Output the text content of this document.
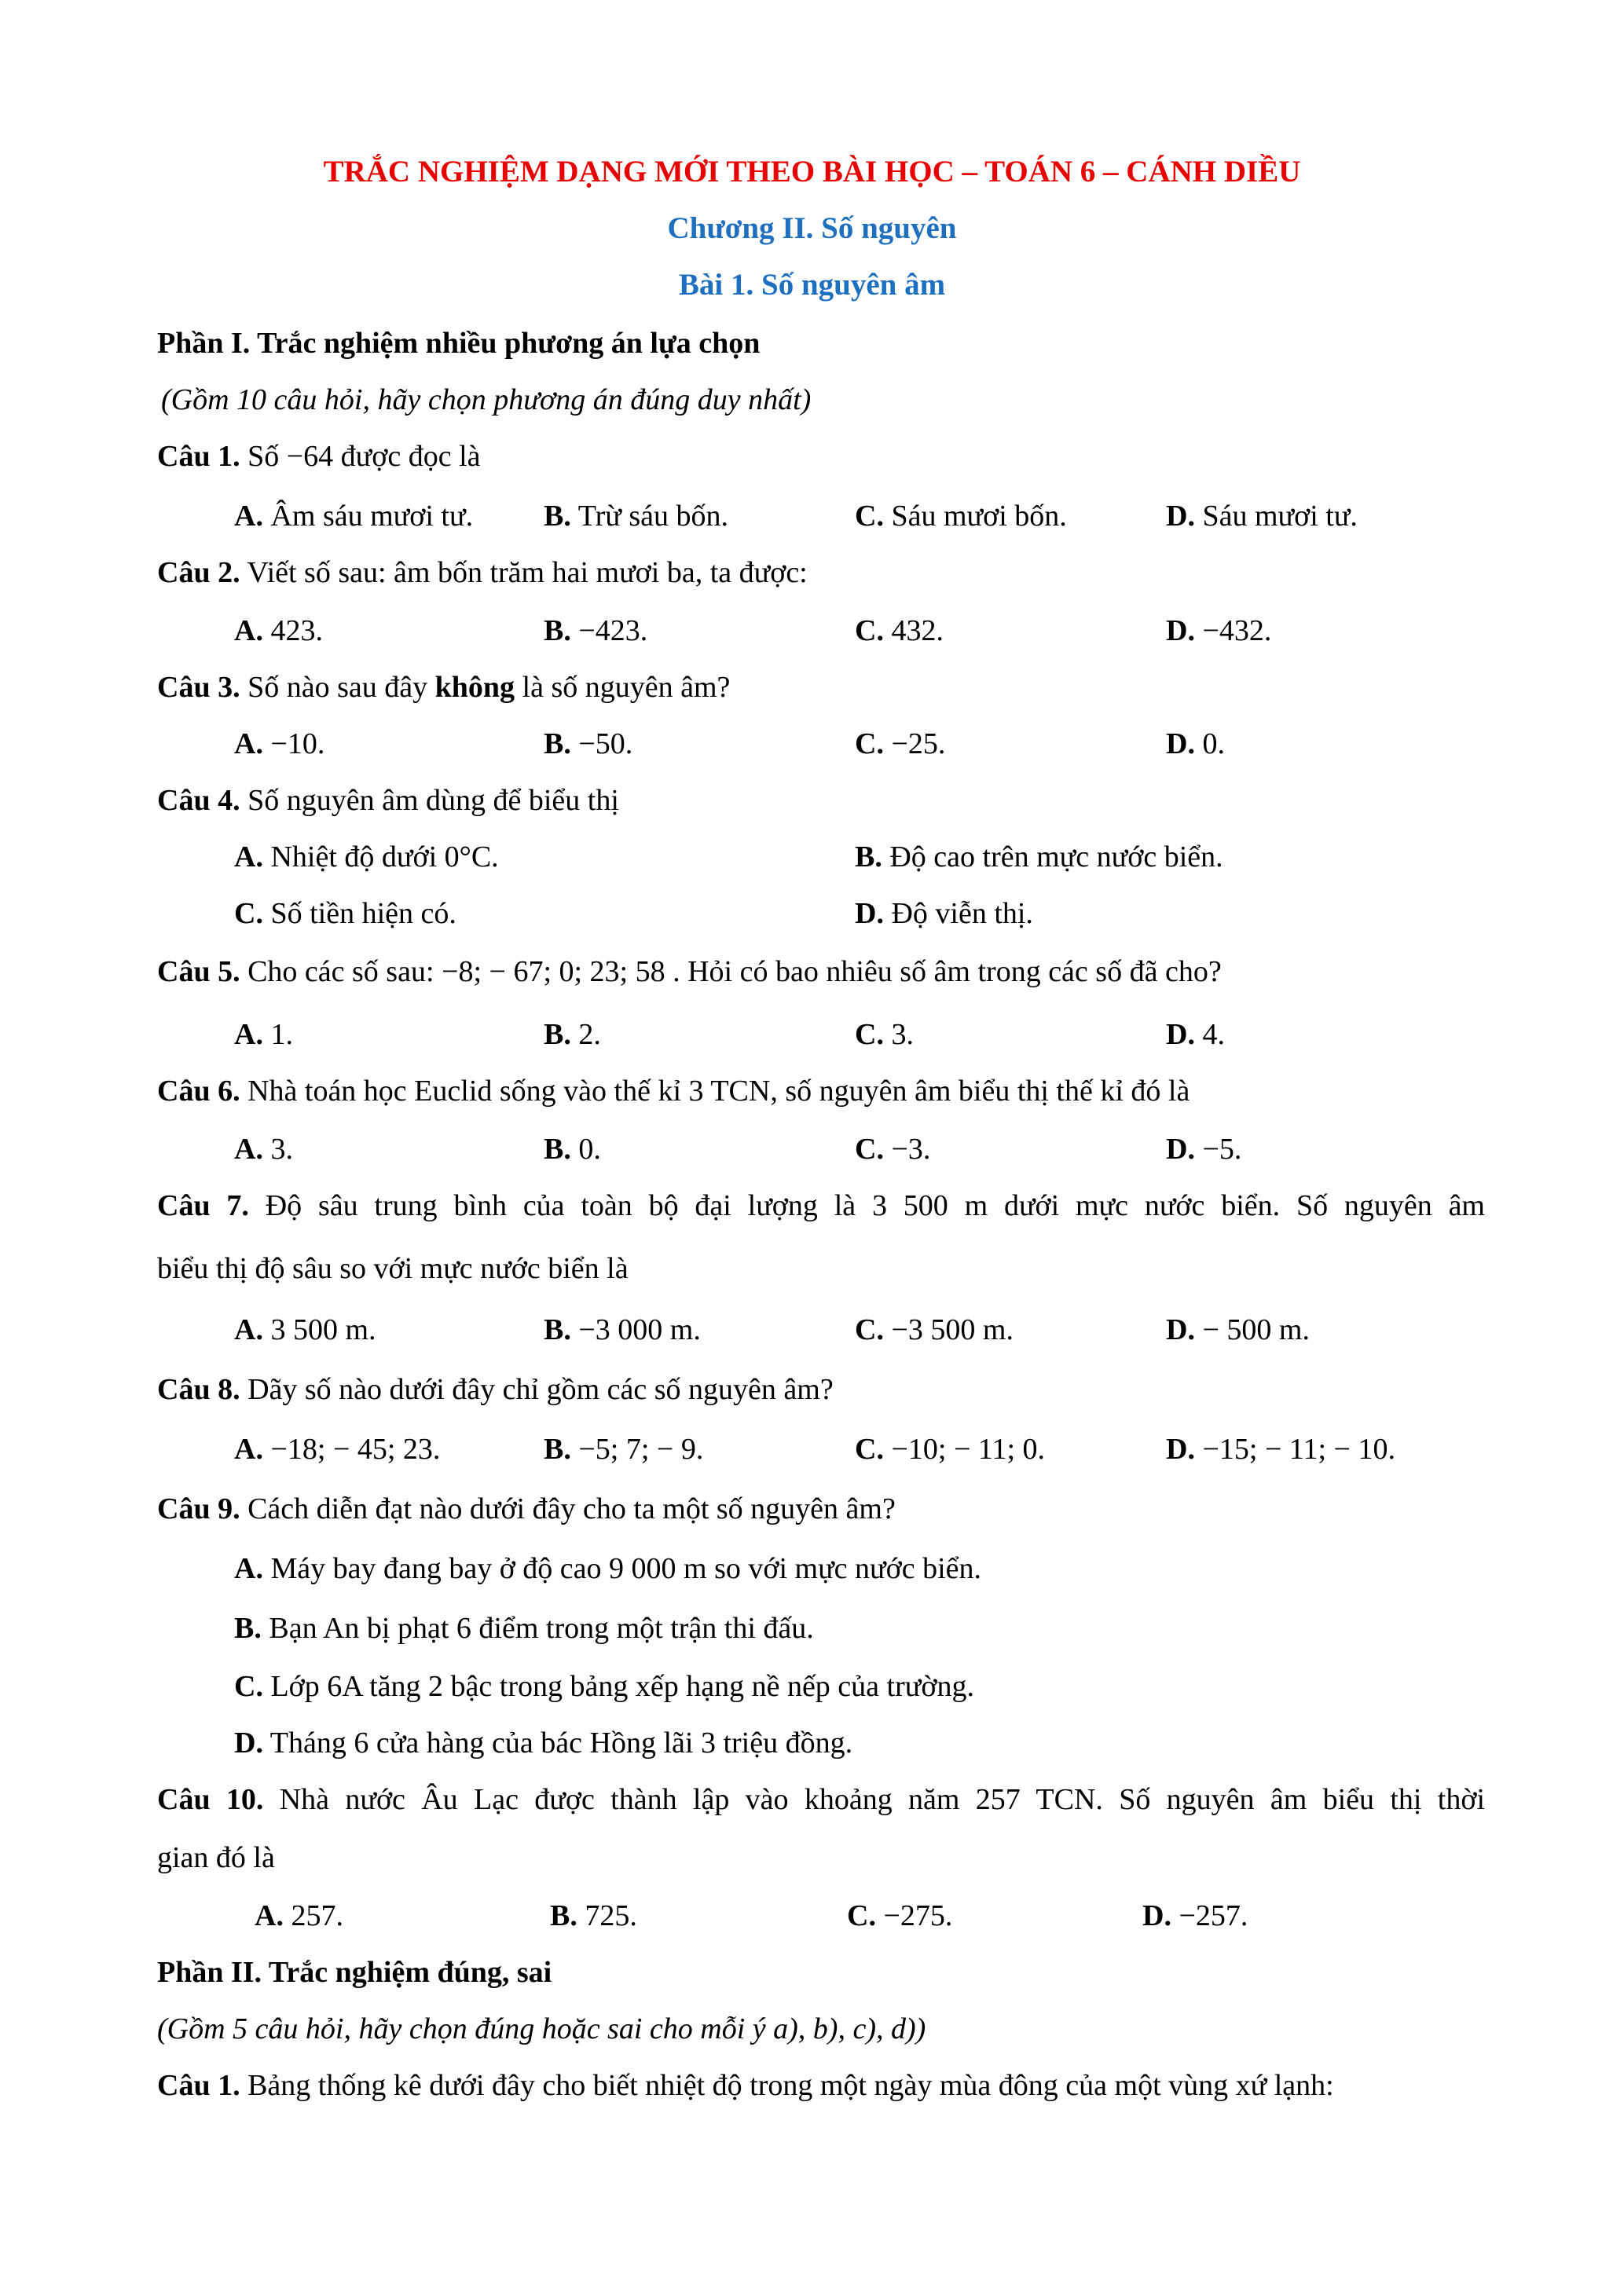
TRẮC NGHIỆM DẠNG MỚI THEO BÀI HỌC – TOÁN 6 – CÁNH DIỀU
Chương II. Số nguyên
Bài 1. Số nguyên âm
Phần I. Trắc nghiệm nhiều phương án lựa chọn
(Gồm 10 câu hỏi, hãy chọn phương án đúng duy nhất)
Câu 1. Số −64 được đọc là
A. Âm sáu mươi tư. B. Trừ sáu bốn.	C. Sáu mươi bốn.	D. Sáu mươi tư.
Câu 2. Viết số sau: âm bốn trăm hai mươi ba, ta được:
A. 423.	B. −423.	C. 432.	D. −432.
Câu 3. Số nào sau đây không là số nguyên âm?
A. −10.	B. −50.	C. −25.	D. 0.
Câu 4. Số nguyên âm dùng để biểu thị
A. Nhiệt độ dưới 0°C.	B. Độ cao trên mực nước biển.
C. Số tiền hiện có.	D. Độ viễn thị.
Câu 5. Cho các số sau: −8; − 67; 0; 23; 58 . Hỏi có bao nhiêu số âm trong các số đã cho?
A. 1.	B. 2.	C. 3.	D. 4.
Câu 6. Nhà toán học Euclid sống vào thế kỉ 3 TCN, số nguyên âm biểu thị thế kỉ đó là
A. 3.	B. 0.	C. −3.	D. −5.
Câu 7. Độ sâu trung bình của toàn bộ đại lượng là 3 500 m dưới mực nước biển. Số nguyên âm
biểu thị độ sâu so với mực nước biển là
A. 3 500 m.	B. −3 000 m.	C. −3 500 m.	D. − 500 m.
Câu 8. Dãy số nào dưới đây chỉ gồm các số nguyên âm?
A. −18; − 45; 23.	B. −5; 7; − 9.	C. −10; − 11; 0.	D. −15; − 11; − 10.
Câu 9. Cách diễn đạt nào dưới đây cho ta một số nguyên âm?
A. Máy bay đang bay ở độ cao 9 000 m so với mực nước biển.
B. Bạn An bị phạt 6 điểm trong một trận thi đấu.
C. Lớp 6A tăng 2 bậc trong bảng xếp hạng nề nếp của trường.
D. Tháng 6 cửa hàng của bác Hồng lãi 3 triệu đồng.
Câu 10. Nhà nước Âu Lạc được thành lập vào khoảng năm 257 TCN. Số nguyên âm biểu thị thời
gian đó là
A. 257.	B. 725.	C. −275.	D. −257.
Phần II. Trắc nghiệm đúng, sai
(Gồm 5 câu hỏi, hãy chọn đúng hoặc sai cho mỗi ý a), b), c), d))
Câu 1. Bảng thống kê dưới đây cho biết nhiệt độ trong một ngày mùa đông của một vùng xứ lạnh:
